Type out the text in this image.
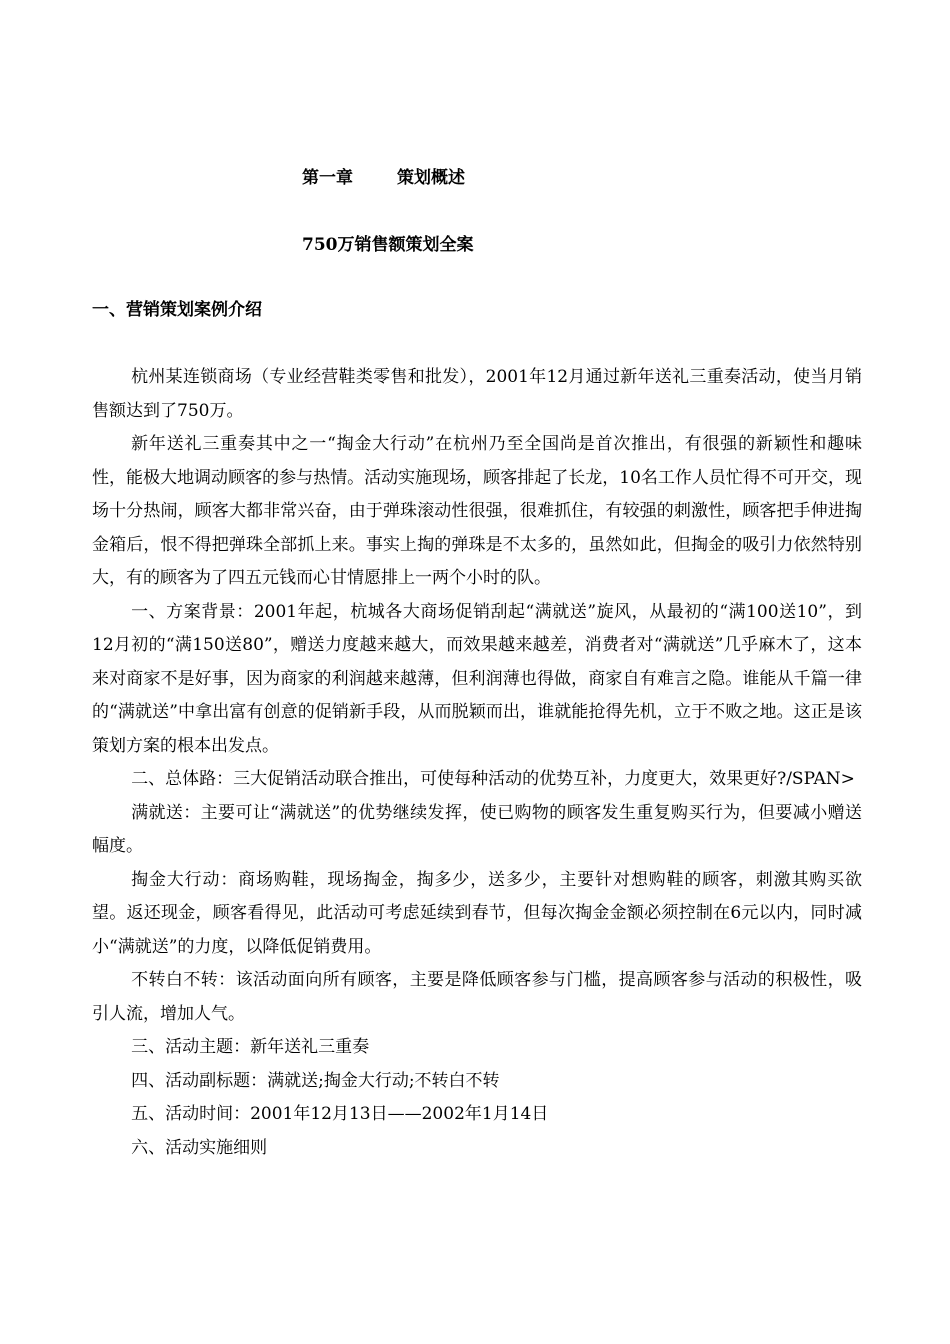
第一章	策划概述
750万销售额策划全案
一、营销策划案例介绍

杭州某连锁商场（专业经营鞋类零售和批发），2001年12月通过新年送礼三重奏活动，使当月销售额达到了750万。

新年送礼三重奏其中之一“掏金大行动”在杭州乃至全国尚是首次推出，有很强的新颖性和趣味性，能极大地调动顾客的参与热情。活动实施现场，顾客排起了长龙，10名工作人员忙得不可开交，现场十分热闹，顾客大都非常兴奋，由于弹珠滚动性很强，很难抓住，有较强的刺激性，顾客把手伸进掏金箱后，恨不得把弹珠全部抓上来。事实上掏的弹珠是不太多的，虽然如此，但掏金的吸引力依然特别大，有的顾客为了四五元钱而心甘情愿排上一两个小时的队。

一、方案背景：2001年起，杭城各大商场促销刮起“满就送”旋风，从最初的“满100送10”，到12月初的“满150送80”，赠送力度越来越大，而效果越来越差，消费者对“满就送”几乎麻木了，这本来对商家不是好事，因为商家的利润越来越薄，但利润薄也得做，商家自有难言之隐。谁能从千篇一律的“满就送”中拿出富有创意的促销新手段，从而脱颖而出，谁就能抢得先机，立于不败之地。这正是该策划方案的根本出发点。

二、总体路：三大促销活动联合推出，可使每种活动的优势互补，力度更大，效果更好?/SPAN>

满就送：主要可让“满就送”的优势继续发挥，使已购物的顾客发生重复购买行为，但要减小赠送幅度。

掏金大行动：商场购鞋，现场掏金，掏多少，送多少，主要针对想购鞋的顾客，刺激其购买欲望。返还现金，顾客看得见，此活动可考虑延续到春节，但每次掏金金额必须控制在6元以内，同时减小“满就送”的力度，以降低促销费用。

不转白不转：该活动面向所有顾客，主要是降低顾客参与门槛，提高顾客参与活动的积极性，吸引人流，增加人气。

三、活动主题：新年送礼三重奏

四、活动副标题：满就送;掏金大行动;不转白不转

五、活动时间：2001年12月13日——2002年1月14日

六、活动实施细则
